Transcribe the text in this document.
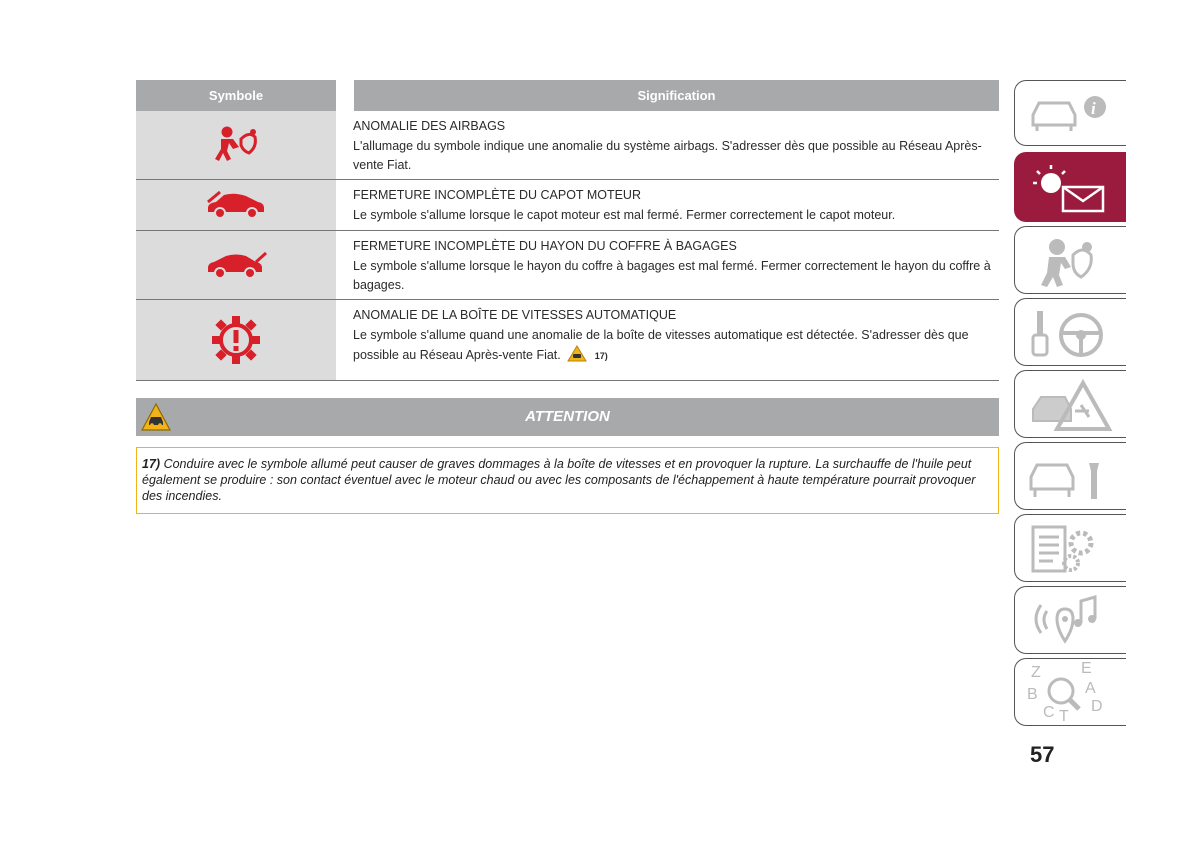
Symbole	Signification
ANOMALIE DES AIRBAGS
L'allumage du symbole indique une anomalie du système airbags. S'adresser dès que possible au Réseau Après-vente Fiat.
FERMETURE INCOMPLÈTE DU CAPOT MOTEUR
Le symbole s'allume lorsque le capot moteur est mal fermé. Fermer correctement le capot moteur.
FERMETURE INCOMPLÈTE DU HAYON DU COFFRE À BAGAGES
Le symbole s'allume lorsque le hayon du coffre à bagages est mal fermé. Fermer correctement le hayon du coffre à bagages.
ANOMALIE DE LA BOÎTE DE VITESSES AUTOMATIQUE
Le symbole s'allume quand une anomalie de la boîte de vitesses automatique est détectée. S'adresser dès que possible au Réseau Après-vente Fiat.	17)
ATTENTION
17) Conduire avec le symbole allumé peut causer de graves dommages à la boîte de vitesses et en provoquer la rupture. La surchauffe de l'huile peut également se produire : son contact éventuel avec le moteur chaud ou avec les composants de l'échappement à haute température pourrait provoquer des incendies.
i
Z	E
B	A
C T
D
57
